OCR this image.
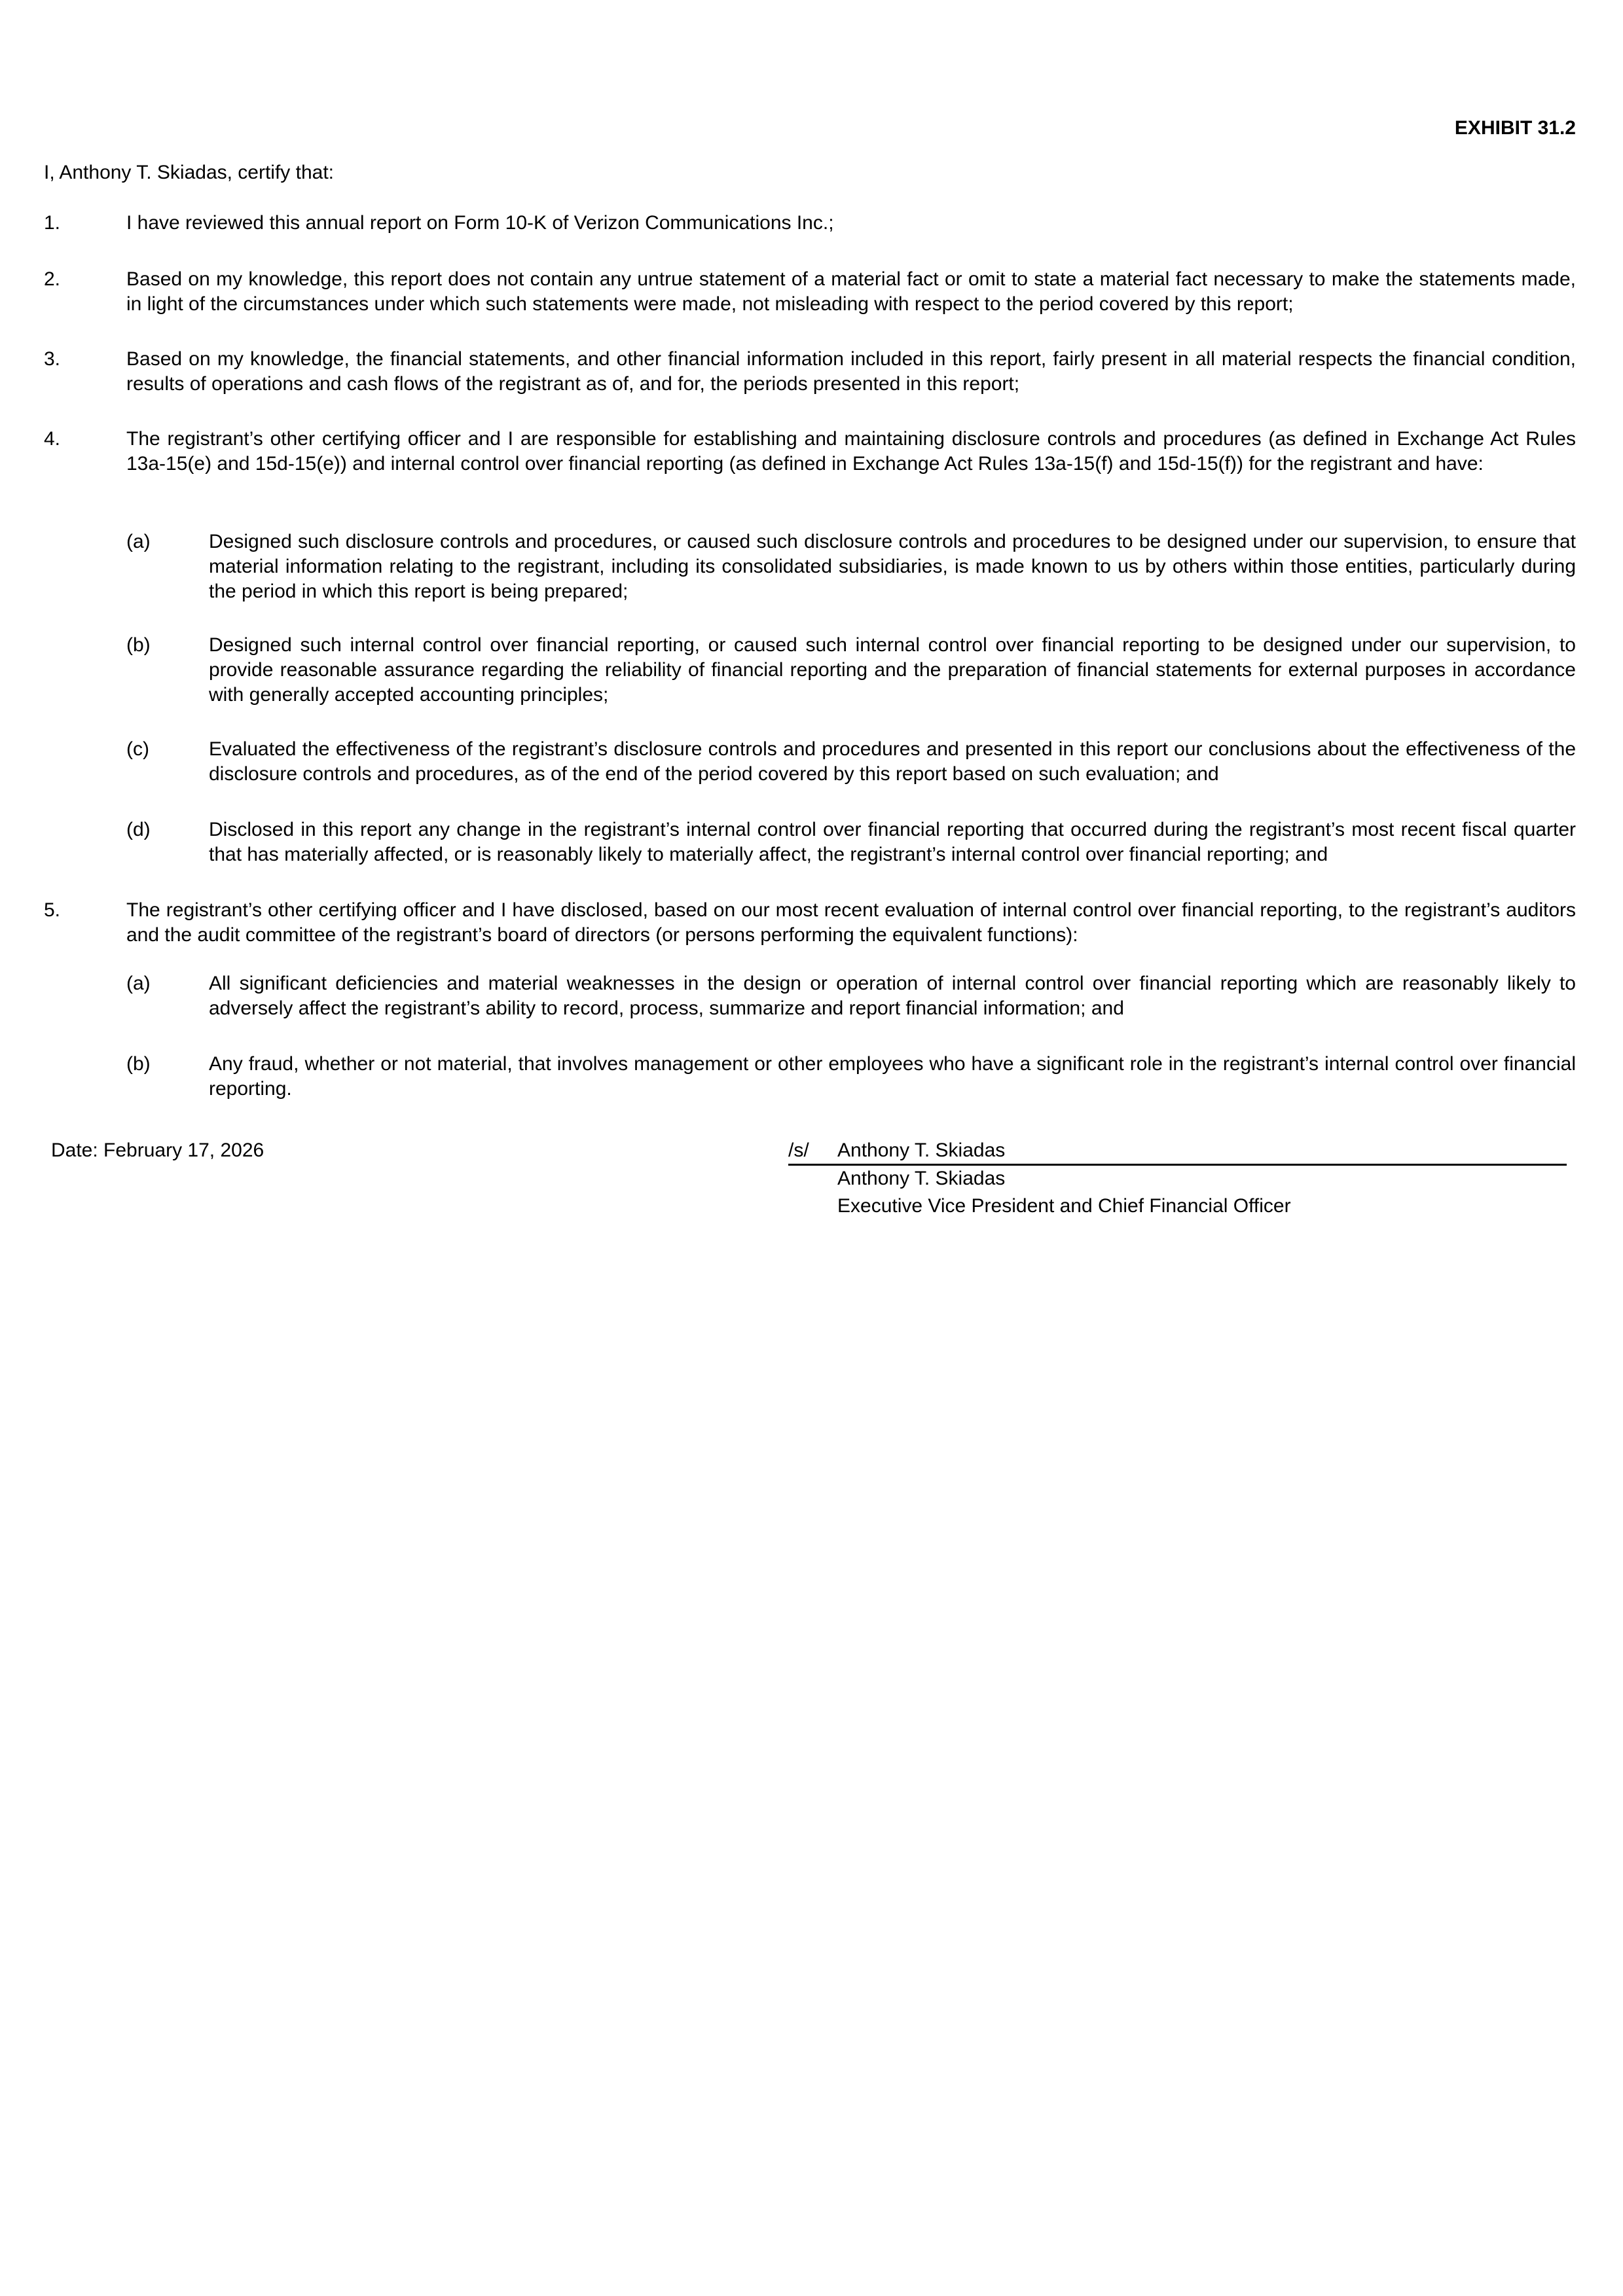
EXHIBIT 31.2
I, Anthony T. Skiadas, certify that:
1.	I have reviewed this annual report on Form 10-K of Verizon Communications Inc.;
2.	Based on my knowledge, this report does not contain any untrue statement of a material fact or omit to state a material fact necessary to make the statements made, in light of the circumstances under which such statements were made, not misleading with respect to the period covered by this report;
3.	Based on my knowledge, the financial statements, and other financial information included in this report, fairly present in all material respects the financial condition, results of operations and cash flows of the registrant as of, and for, the periods presented in this report;
4.	The registrant’s other certifying officer and I are responsible for establishing and maintaining disclosure controls and procedures (as defined in Exchange Act Rules 13a-15(e) and 15d-15(e)) and internal control over financial reporting (as defined in Exchange Act Rules 13a-15(f) and 15d-15(f)) for the registrant and have:
(a)	Designed such disclosure controls and procedures, or caused such disclosure controls and procedures to be designed under our supervision, to ensure that material information relating to the registrant, including its consolidated subsidiaries, is made known to us by others within those entities, particularly during the period in which this report is being prepared;
(b)	Designed such internal control over financial reporting, or caused such internal control over financial reporting to be designed under our supervision, to provide reasonable assurance regarding the reliability of financial reporting and the preparation of financial statements for external purposes in accordance with generally accepted accounting principles;
(c)	Evaluated the effectiveness of the registrant’s disclosure controls and procedures and presented in this report our conclusions about the effectiveness of the disclosure controls and procedures, as of the end of the period covered by this report based on such evaluation; and
(d)	Disclosed in this report any change in the registrant’s internal control over financial reporting that occurred during the registrant’s most recent fiscal quarter that has materially affected, or is reasonably likely to materially affect, the registrant’s internal control over financial reporting; and
5.	The registrant’s other certifying officer and I have disclosed, based on our most recent evaluation of internal control over financial reporting, to the registrant’s auditors and the audit committee of the registrant’s board of directors (or persons performing the equivalent functions):
(a)	All significant deficiencies and material weaknesses in the design or operation of internal control over financial reporting which are reasonably likely to adversely affect the registrant’s ability to record, process, summarize and report financial information; and
(b)	Any fraud, whether or not material, that involves management or other employees who have a significant role in the registrant’s internal control over financial reporting.
Date: February 17, 2026	/s/ Anthony T. Skiadas
Anthony T. Skiadas
Executive Vice President and Chief Financial Officer
